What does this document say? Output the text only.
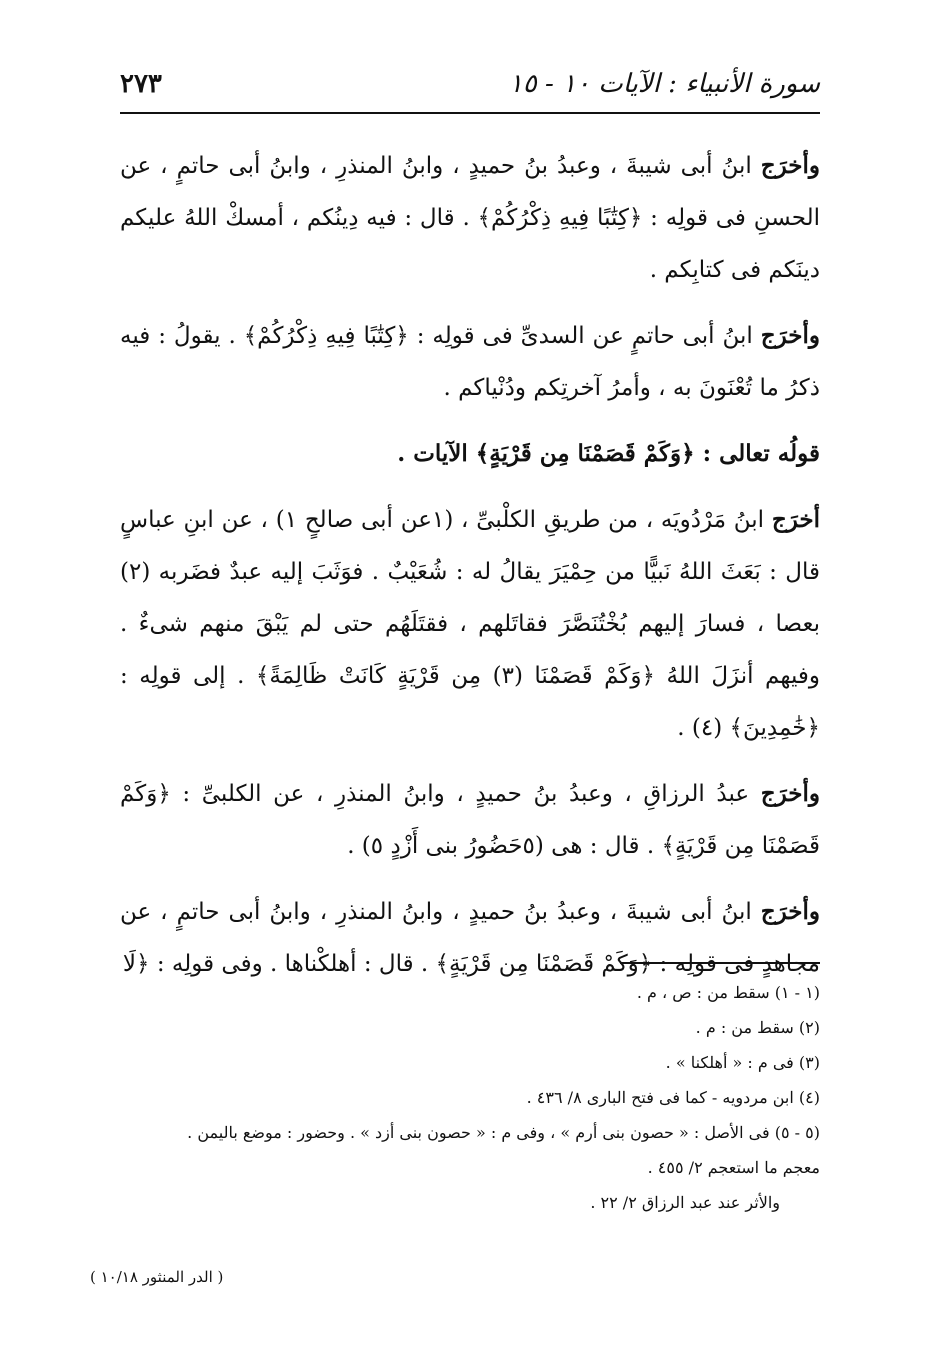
سورة الأنبياء : الآيات ١٠ - ١٥
٢٧٣

وأخرَج ابنُ أبى شيبةَ ، وعبدُ بنُ حميدٍ ، وابنُ المنذرِ ، وابنُ أبى حاتمٍ ، عن الحسنِ فى قولِه : ﴿كِتَٰبًا فِيهِ ذِكْرُكُمْ﴾ . قال : فيه دِينُكم ، أمسكْ اللهُ عليكم دينَكم فى كتابِكم .

وأخرَج ابنُ أبى حاتمٍ عن السدىِّ فى قولِه : ﴿كِتَٰبًا فِيهِ ذِكْرُكُمْ﴾ . يقولُ : فيه ذكرُ ما تُعْنَونَ به ، وأمرُ آخرتِكم ودُنْياكم .

قولُه تعالى : ﴿وَكَمْ قَصَمْنَا مِن قَرْيَةٍ﴾ الآيات .

أخرَج ابنُ مَرْدُويَه ، من طريقِ الكلْبىِّ ، (١عن أبى صالحٍ ١) ، عن ابنِ عباسٍ قال : بَعَثَ اللهُ نَبيًّا من حِمْيَرَ يقالُ له : شُعَيْبٌ . فوَثَبَ إليه عبدٌ فضَربه (٢) بعصا ، فسارَ إليهم بُخْتُنَصَّرَ فقاتَلهم ، فقتَلَهُم حتى لم يَبْقَ منهم شىءٌ . وفيهم أنزَلَ اللهُ ﴿وَكَمْ قَصَمْنَا (٣) مِن قَرْيَةٍ كَانَتْ ظَالِمَةً﴾ . إلى قولِه : ﴿خَٰمِدِينَ﴾ (٤) .

وأخرَج عبدُ الرزاقِ ، وعبدُ بنُ حميدٍ ، وابنُ المنذرِ ، عن الكلبىِّ : ﴿وَكَمْ قَصَمْنَا مِن قَرْيَةٍ﴾ . قال : هى (٥حَضُورُ بنى أَزْدٍ ٥) .

وأخرَج ابنُ أبى شيبةَ ، وعبدُ بنُ حميدٍ ، وابنُ المنذرِ ، وابنُ أبى حاتمٍ ، عن مجاهدٍ فى قولِه : ﴿وَكَمْ قَصَمْنَا مِن قَرْيَةٍ﴾ . قال : أهلكْناها . وفى قولِه : ﴿لَا

(١ - ١) سقط من : ص ، م .

(٢) سقط من : م .

(٣) فى م : « أهلكنا » .

(٤) ابن مردويه - كما فى فتح البارى ٨/ ٤٣٦ .

(٥ - ٥) فى الأصل : « حصون بنى أرم » ، وفى م : « حصون بنى أزد » . وحضور : موضع باليمن .

معجم ما استعجم ٢/ ٤٥٥ .

والأثر عند عبد الرزاق ٢/ ٢٢ .

( الدر المنثور ١٠/١٨ )
